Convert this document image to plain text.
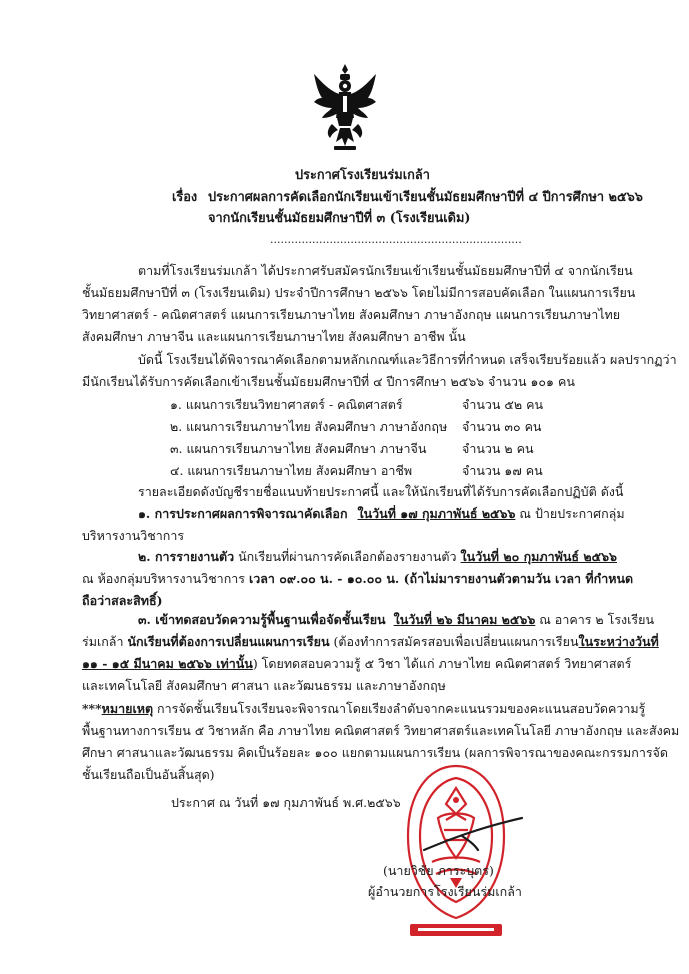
ประกาศโรงเรียนร่มเกล้า
เรื่อง ประกาศผลการคัดเลือกนักเรียนเข้าเรียนชั้นมัธยมศึกษาปีที่ ๔ ปีการศึกษา ๒๕๖๖
จากนักเรียนชั้นมัธยมศึกษาปีที่ ๓ (โรงเรียนเดิม)
........................................................................
ตามที่โรงเรียนร่มเกล้า ได้ประกาศรับสมัครนักเรียนเข้าเรียนชั้นมัธยมศึกษาปีที่ ๔ จากนักเรียน
ชั้นมัธยมศึกษาปีที่ ๓ (โรงเรียนเดิม) ประจำปีการศึกษา ๒๕๖๖ โดยไม่มีการสอบคัดเลือก ในแผนการเรียน
วิทยาศาสตร์ - คณิตศาสตร์ แผนการเรียนภาษาไทย สังคมศึกษา ภาษาอังกฤษ แผนการเรียนภาษาไทย
สังคมศึกษา ภาษาจีน และแผนการเรียนภาษาไทย สังคมศึกษา อาชีพ นั้น
บัดนี้ โรงเรียนได้พิจารณาคัดเลือกตามหลักเกณฑ์และวิธีการที่กำหนด เสร็จเรียบร้อยแล้ว ผลปรากฏว่า
มีนักเรียนได้รับการคัดเลือกเข้าเรียนชั้นมัธยมศึกษาปีที่ ๔ ปีการศึกษา ๒๕๖๖ จำนวน ๑๐๑ คน
๑. แผนการเรียนวิทยาศาสตร์ - คณิตศาสตร์	จำนวน ๕๒ คน
๒. แผนการเรียนภาษาไทย สังคมศึกษา ภาษาอังกฤษ จำนวน ๓๐ คน
๓. แผนการเรียนภาษาไทย สังคมศึกษา ภาษาจีน	จำนวน ๒ คน
๔. แผนการเรียนภาษาไทย สังคมศึกษา อาชีพ	จำนวน ๑๗ คน
รายละเอียดดังบัญชีรายชื่อแนบท้ายประกาศนี้ และให้นักเรียนที่ได้รับการคัดเลือกปฏิบัติ ดังนี้
๑. การประกาศผลการพิจารณาคัดเลือก ในวันที่ ๑๗ กุมภาพันธ์ ๒๕๖๖ ณ ป้ายประกาศกลุ่ม
บริหารงานวิชาการ
๒. การรายงานตัว นักเรียนที่ผ่านการคัดเลือกต้องรายงานตัว ในวันที่ ๒๐ กุมภาพันธ์ ๒๕๖๖
ณ ห้องกลุ่มบริหารงานวิชาการ เวลา ๐๙.๐๐ น. - ๑๐.๐๐ น. (ถ้าไม่มารายงานตัวตามวัน เวลา ที่กำหนด
ถือว่าสละสิทธิ์)
๓. เข้าทดสอบวัดความรู้พื้นฐานเพื่อจัดชั้นเรียน ในวันที่ ๒๖ มีนาคม ๒๕๖๖ ณ อาคาร ๒ โรงเรียน
ร่มเกล้า นักเรียนที่ต้องการเปลี่ยนแผนการเรียน (ต้องทำการสมัครสอบเพื่อเปลี่ยนแผนการเรียนในระหว่างวันที่
๑๑ - ๑๕ มีนาคม ๒๕๖๖ เท่านั้น) โดยทดสอบความรู้ ๕ วิชา ได้แก่ ภาษาไทย คณิตศาสตร์ วิทยาศาสตร์
และเทคโนโลยี สังคมศึกษา ศาสนา และวัฒนธรรม และภาษาอังกฤษ
***หมายเหตุ การจัดชั้นเรียนโรงเรียนจะพิจารณาโดยเรียงลำดับจากคะแนนรวมของคะแนนสอบวัดความรู้
พื้นฐานทางการเรียน ๕ วิชาหลัก คือ ภาษาไทย คณิตศาสตร์ วิทยาศาสตร์และเทคโนโลยี ภาษาอังกฤษ และสังคม
ศึกษา ศาสนาและวัฒนธรรม คิดเป็นร้อยละ ๑๐๐ แยกตามแผนการเรียน (ผลการพิจารณาของคณะกรรมการจัด
ชั้นเรียนถือเป็นอันสิ้นสุด)
ประกาศ ณ วันที่ ๑๗ กุมภาพันธ์ พ.ศ.๒๕๖๖
(นายวิชัย ภาระบุตร)
ผู้อำนวยการโรงเรียนร่มเกล้า
